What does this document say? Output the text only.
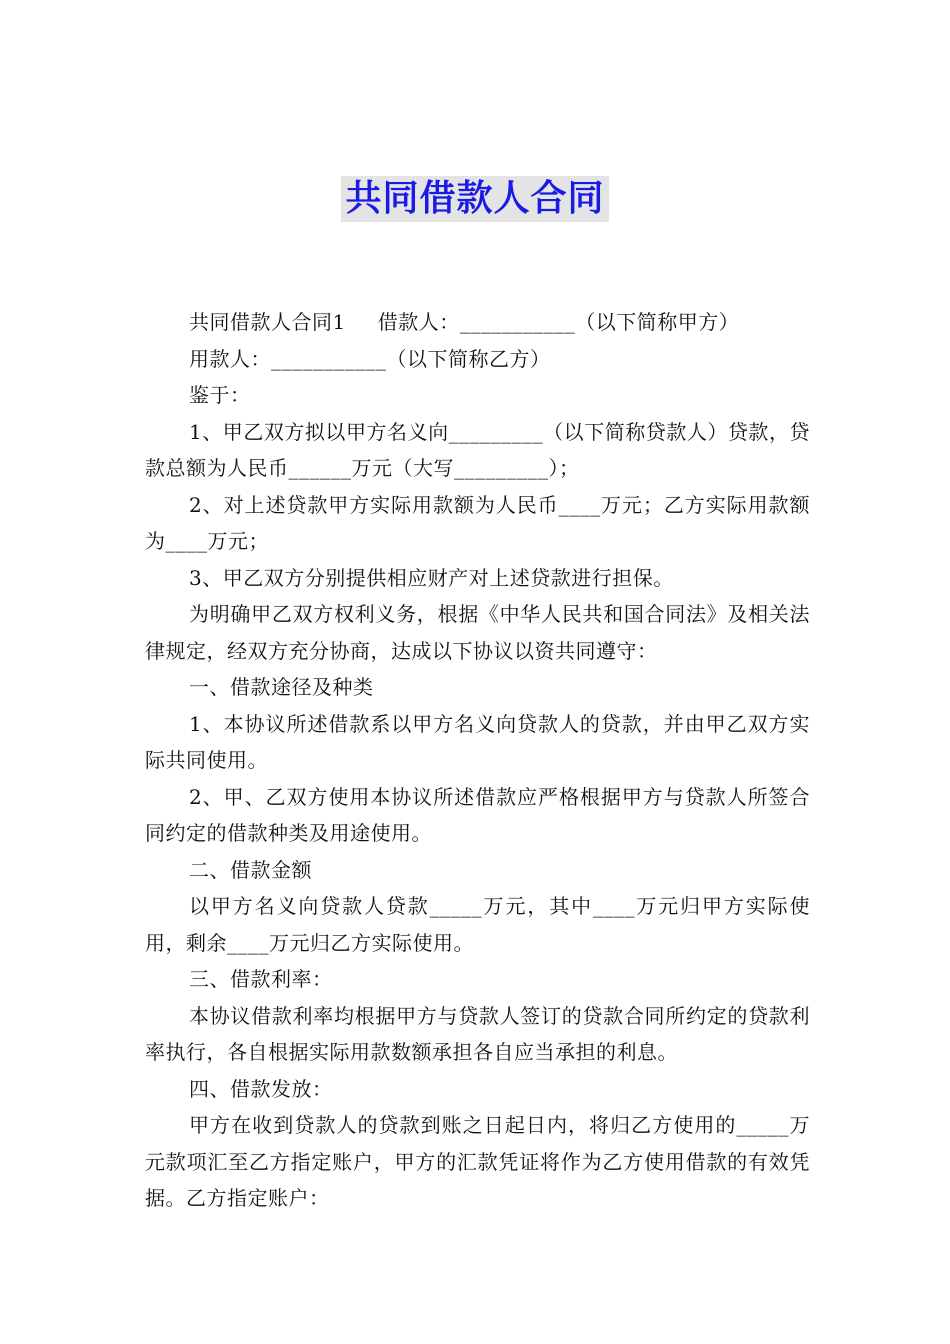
共同借款人合同

共同借款人合同1 借款人：___________（以下简称甲方）

用款人：___________（以下简称乙方）

鉴于：

1、甲乙双方拟以甲方名义向_________（以下简称贷款人）贷款，贷款总额为人民币______万元（大写_________）；

2、对上述贷款甲方实际用款额为人民币____万元；乙方实际用款额为____万元；

3、甲乙双方分别提供相应财产对上述贷款进行担保。

为明确甲乙双方权利义务，根据《中华人民共和国合同法》及相关法律规定，经双方充分协商，达成以下协议以资共同遵守：

一、借款途径及种类

1、本协议所述借款系以甲方名义向贷款人的贷款，并由甲乙双方实际共同使用。

2、甲、乙双方使用本协议所述借款应严格根据甲方与贷款人所签合同约定的借款种类及用途使用。

二、借款金额

以甲方名义向贷款人贷款_____万元，其中____万元归甲方实际使用，剩余____万元归乙方实际使用。

三、借款利率：

本协议借款利率均根据甲方与贷款人签订的贷款合同所约定的贷款利率执行，各自根据实际用款数额承担各自应当承担的利息。

四、借款发放：

甲方在收到贷款人的贷款到账之日起日内，将归乙方使用的_____万元款项汇至乙方指定账户，甲方的汇款凭证将作为乙方使用借款的有效凭据。乙方指定账户：
